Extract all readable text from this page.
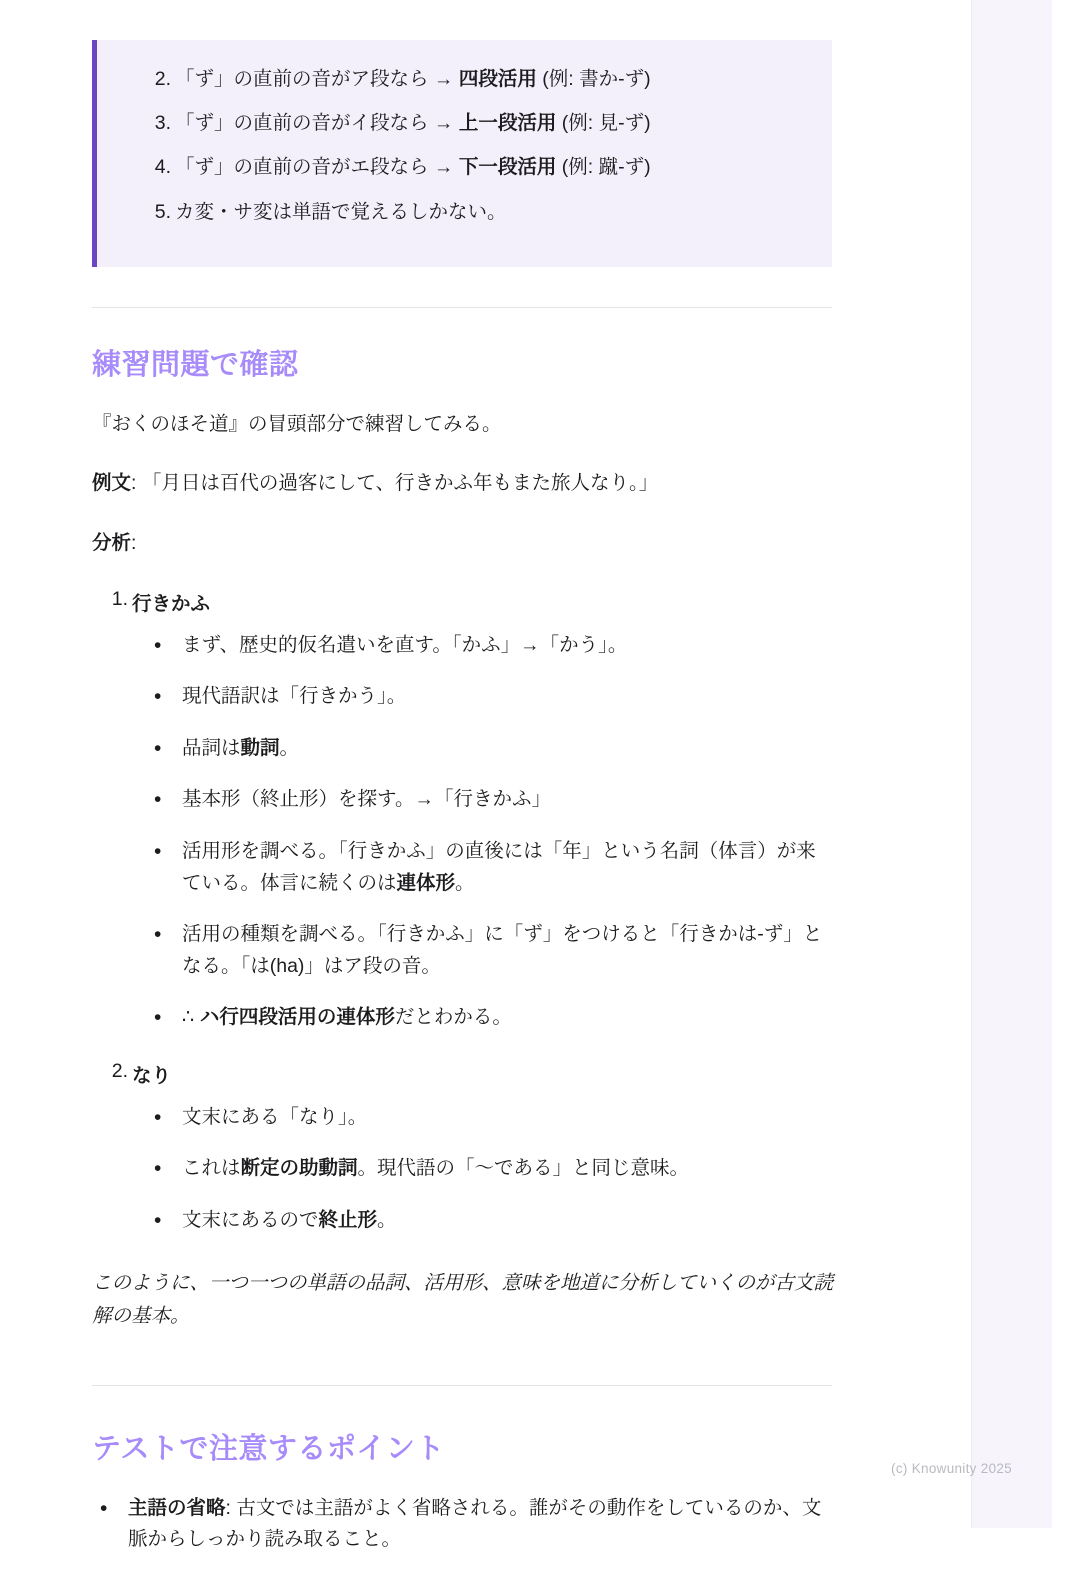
2. 「ず」の直前の音がア段なら → 四段活用 (例: 書か-ず)
3. 「ず」の直前の音がイ段なら → 上一段活用 (例: 見-ず)
4. 「ず」の直前の音がエ段なら → 下一段活用 (例: 蹴-ず)
5. カ変・サ変は単語で覚えるしかない。
練習問題で確認

『おくのほそ道』の冒頭部分で練習してみる。

例文: 「月日は百代の過客にして、行きかふ年もまた旅人なり。」

分析:

1. 行きかふ
• まず、歴史的仮名遣いを直す。「かふ」→「かう」。
• 現代語訳は「行きかう」。
• 品詞は動詞。
• 基本形（終止形）を探す。→「行きかふ」
• 活用形を調べる。「行きかふ」の直後には「年」という名詞（体言）が来ている。体言に続くのは連体形。
• 活用の種類を調べる。「行きかふ」に「ず」をつけると「行きかは-ず」となる。「は(ha)」はア段の音。
• ∴ ハ行四段活用の連体形だとわかる。
2. なり
• 文末にある「なり」。
• これは断定の助動詞。現代語の「〜である」と同じ意味。
• 文末にあるので終止形。

このように、一つ一つの単語の品詞、活用形、意味を地道に分析していくのが古文読解の基本。

テストで注意するポイント
• 主語の省略: 古文では主語がよく省略される。誰がその動作をしているのか、文脈からしっかり読み取ること。
(c) Knowunity 2025
